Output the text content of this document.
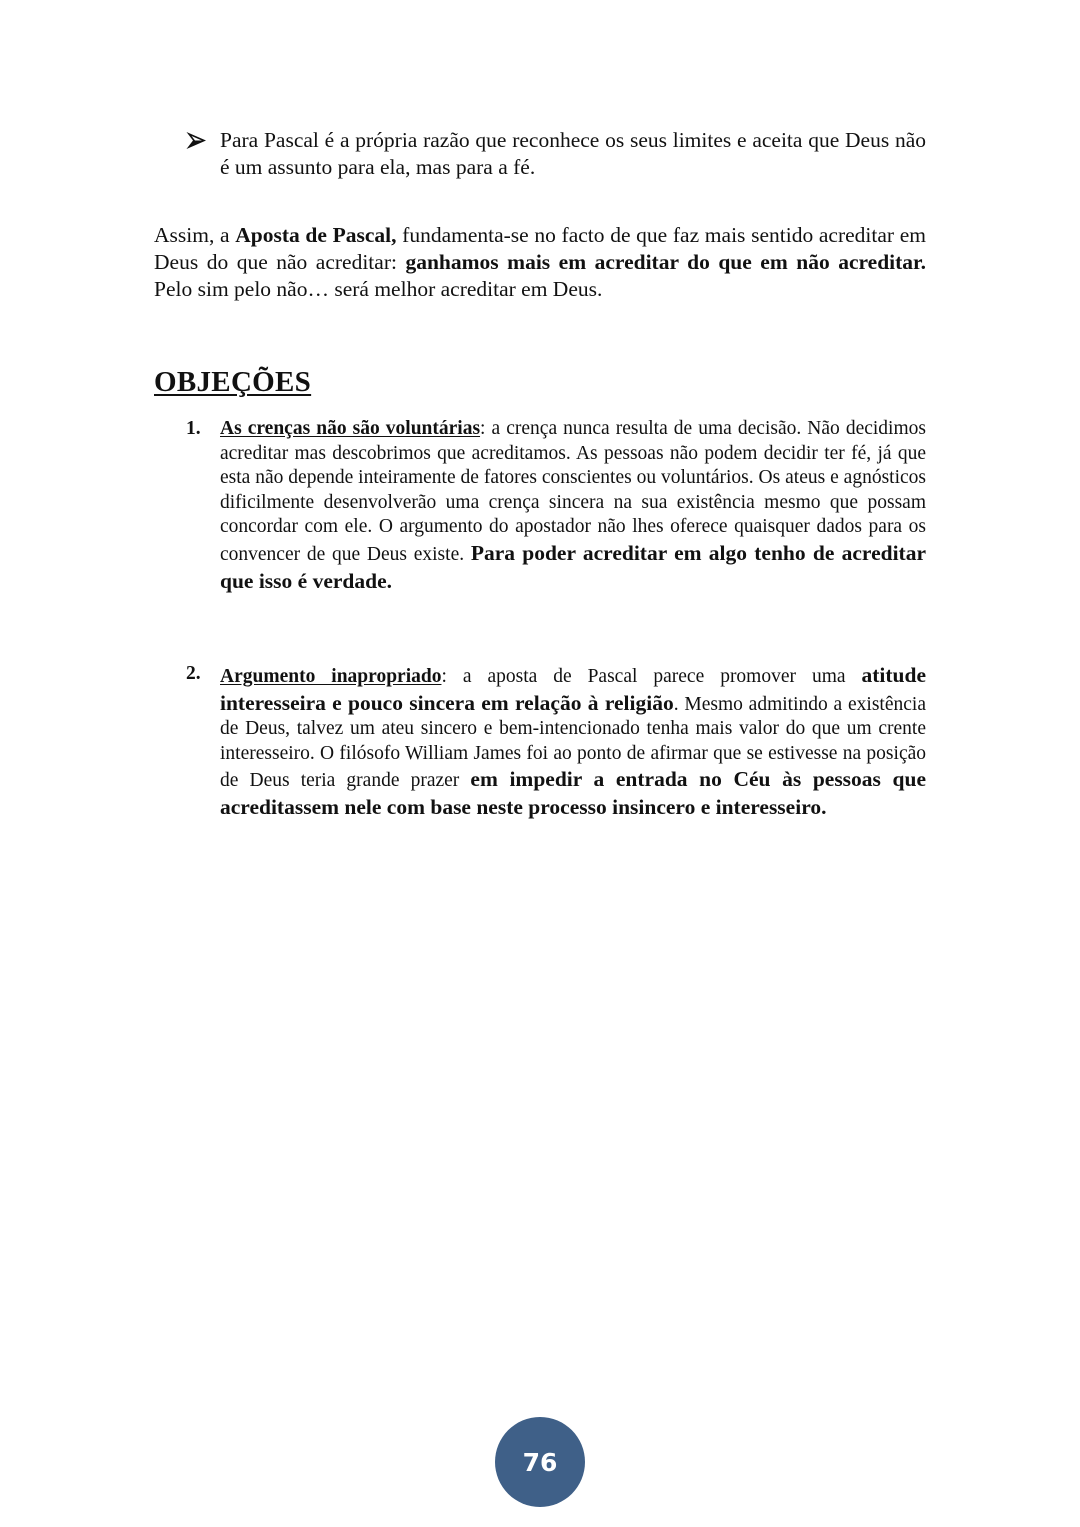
Para Pascal é a própria razão que reconhece os seus limites e aceita que Deus não é um assunto para ela, mas para a fé.

Assim, a Aposta de Pascal, fundamenta-se no facto de que faz mais sentido acreditar em Deus do que não acreditar: ganhamos mais em acreditar do que em não acreditar. Pelo sim pelo não… será melhor acreditar em Deus.

OBJEÇÕES
1. As crenças não são voluntárias: a crença nunca resulta de uma decisão. Não decidimos acreditar mas descobrimos que acreditamos. As pessoas não podem decidir ter fé, já que esta não depende inteiramente de fatores conscientes ou voluntários. Os ateus e agnósticos dificilmente desenvolverão uma crença sincera na sua existência mesmo que possam concordar com ele. O argumento do apostador não lhes oferece quaisquer dados para os convencer de que Deus existe. Para poder acreditar em algo tenho de acreditar que isso é verdade.
2. Argumento inapropriado: a aposta de Pascal parece promover uma atitude interesseira e pouco sincera em relação à religião. Mesmo admitindo a existência de Deus, talvez um ateu sincero e bem-intencionado tenha mais valor do que um crente interesseiro. O filósofo William James foi ao ponto de afirmar que se estivesse na posição de Deus teria grande prazer em impedir a entrada no Céu às pessoas que acreditassem nele com base neste processo insincero e interesseiro.
76
